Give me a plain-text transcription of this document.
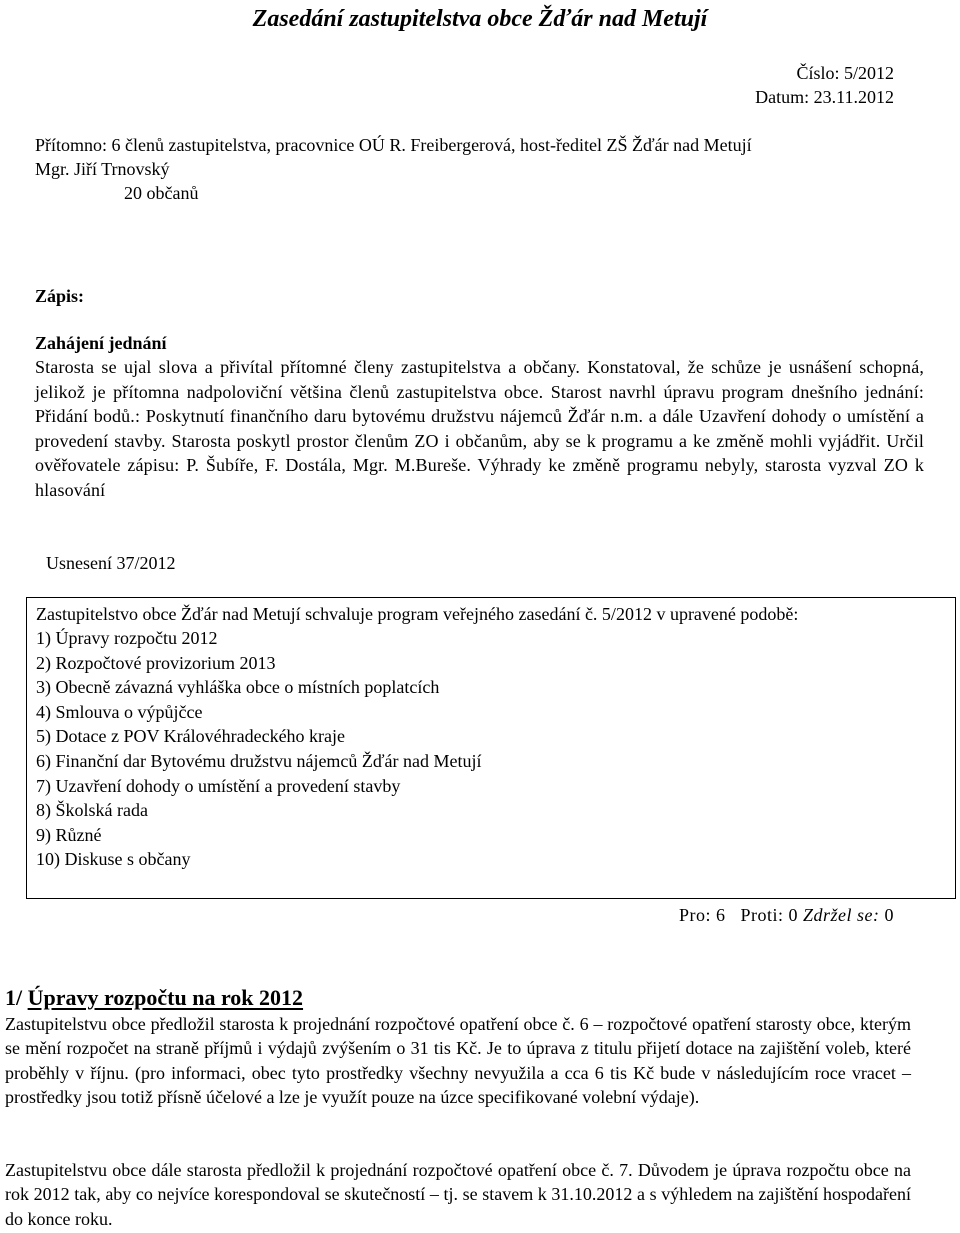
Zasedání zastupitelstva obce Žďár nad Metují
Číslo: 5/2012
Datum: 23.11.2012

Přítomno: 6 členů zastupitelstva, pracovnice OÚ R. Freibergerová, host-ředitel ZŠ Žďár nad Metují

Mgr. Jiří Trnovský

20 občanů

Zápis:

Zahájení jednání

Starosta se ujal slova a přivítal přítomné členy zastupitelstva a občany. Konstatoval, že schůze je usnášení schopná, jelikož je přítomna nadpoloviční většina členů zastupitelstva obce. Starost navrhl úpravu program dnešního jednání: Přidání bodů.: Poskytnutí finančního daru bytovému družstvu nájemců Žďár n.m. a dále Uzavření dohody o umístění a provedení stavby. Starosta poskytl prostor členům ZO i občanům, aby se k programu a ke změně mohli vyjádřit. Určil ověřovatele zápisu: P. Šubíře, F. Dostála, Mgr. M.Bureše. Výhrady ke změně programu nebyly, starosta vyzval ZO k hlasování

Usnesení 37/2012

Zastupitelstvo obce Žďár nad Metují schvaluje program veřejného zasedání č. 5/2012 v upravené podobě:
1) Úpravy rozpočtu 2012
2) Rozpočtové provizorium 2013
3) Obecně závazná vyhláška obce o místních poplatcích
4) Smlouva o výpůjčce
5) Dotace z POV Královéhradeckého kraje
6) Finanční dar Bytovému družstvu nájemců Žďár nad Metují
7) Uzavření dohody o umístění a provedení stavby
8) Školská rada
9) Různé
10) Diskuse s občany
Pro: 6 Proti: 0 Zdržel se: 0
1/ Úpravy rozpočtu na rok 2012

Zastupitelstvu obce předložil starosta k projednání rozpočtové opatření obce č. 6 – rozpočtové opatření starosty obce, kterým se mění rozpočet na straně příjmů i výdajů zvýšením o 31 tis Kč. Je to úprava z titulu přijetí dotace na zajištění voleb, které proběhly v říjnu. (pro informaci, obec tyto prostředky všechny nevyužila a cca 6 tis Kč bude v následujícím roce vracet – prostředky jsou totiž přísně účelové a lze je využít pouze na úzce specifikované volební výdaje).

Zastupitelstvu obce dále starosta předložil k projednání rozpočtové opatření obce č. 7. Důvodem je úprava rozpočtu obce na rok 2012 tak, aby co nejvíce korespondoval se skutečností – tj. se stavem k 31.10.2012 a s výhledem na zajištění hospodaření do konce roku.
